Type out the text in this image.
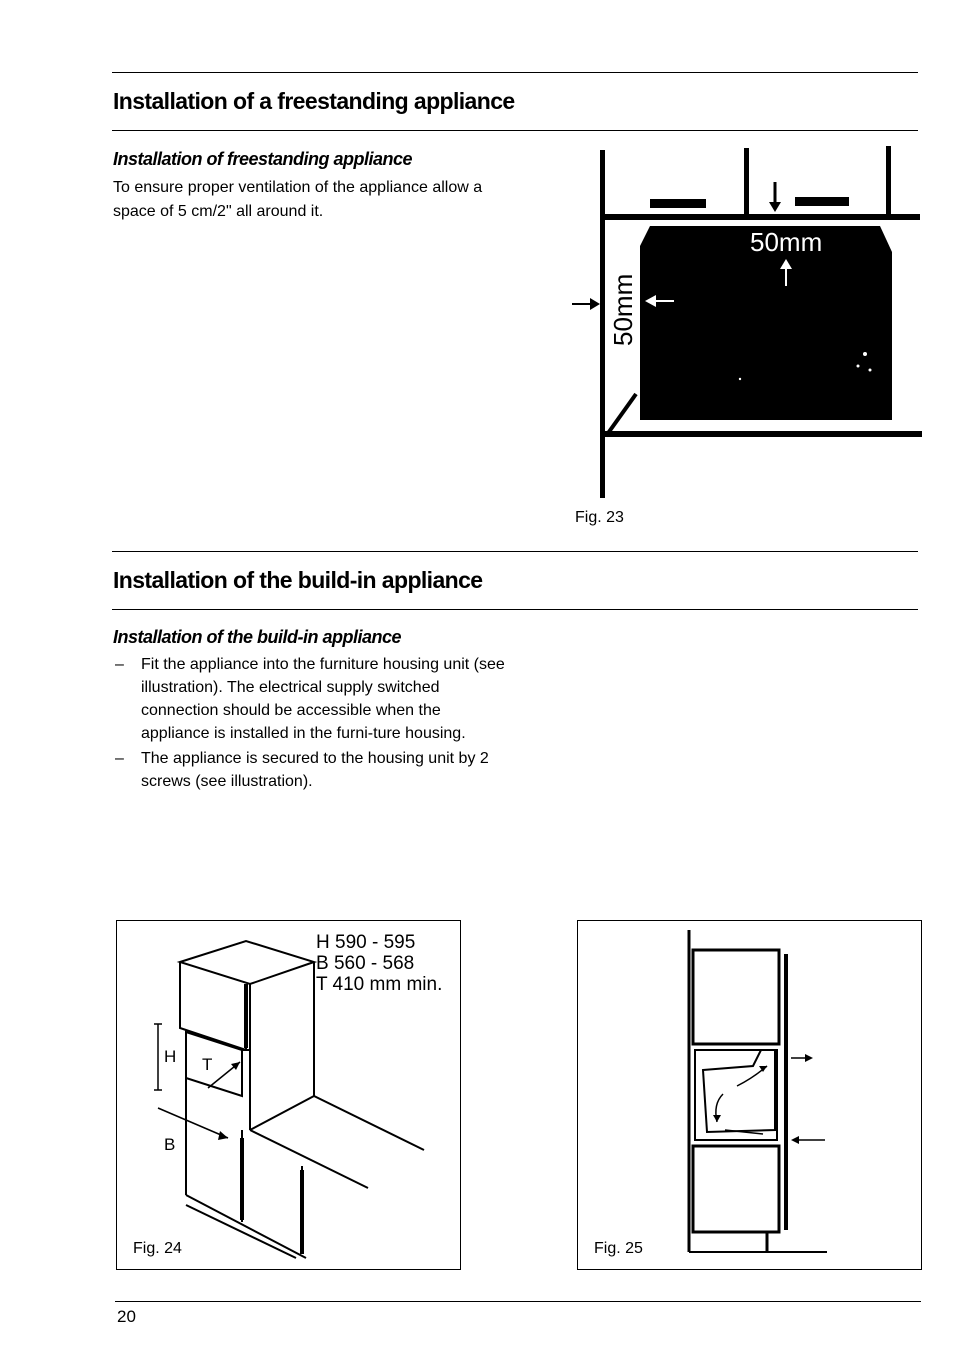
Installation of a freestanding appliance
Installation of freestanding appliance

To ensure proper ventilation of the appliance allow a space of 5 cm/2" all around it.

50mm
50mm
Fig. 23
Installation of the build-in appliance
Installation of the build-in appliance
– Fit the appliance into the furniture housing unit (see illustration). The electrical supply switched connection should be accessible when the appliance is installed in the furni-ture housing.
– The appliance is secured to the housing unit by 2 screws (see illustration).
H T
B
H 590 - 595
B 560 - 568
T 410 mm min.
Fig. 24	Fig. 25
20
